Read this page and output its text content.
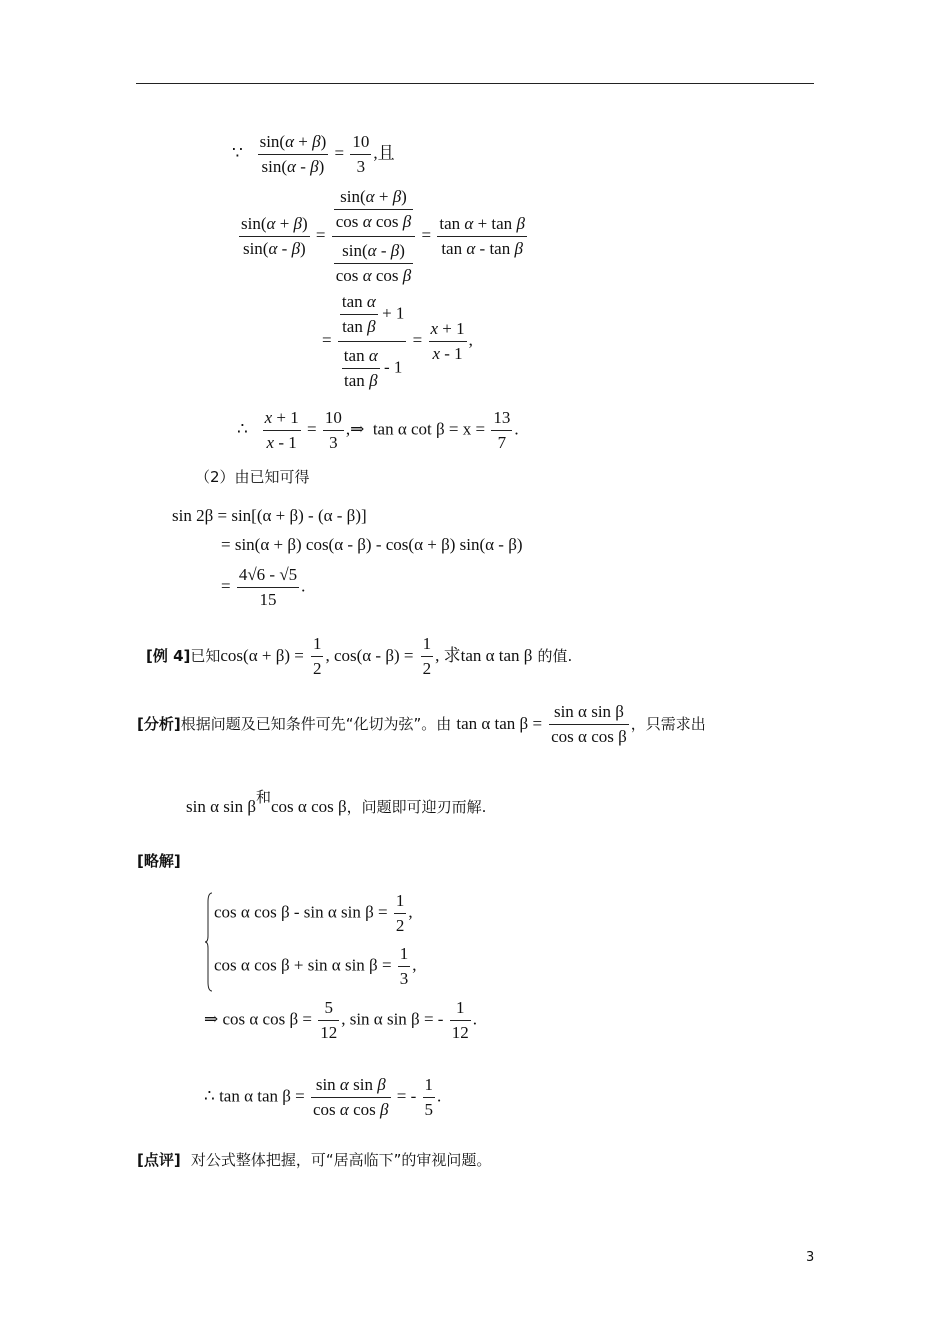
∵ $\frac{\sin(\alpha + \beta)}{\sin(\alpha - \beta)} = \frac{10}{3}$ ,且
$\frac{\sin(\alpha + \beta)}{\sin(\alpha - \beta)} = \frac{\frac{\sin(\alpha + \beta)}{\text{cos α cos β}}}{\frac{\sin(\alpha - \beta)}{\text{cos α cos β}}} = \frac{\text{tan α + tan β}}{\text{tan α - tan β}}$
= $\frac{\frac{\text{tan α}}{\text{tan β}} + 1}{\frac{\text{tan α}}{\text{tan β}} - 1} = \frac{x + 1}{x - 1}$ ,
∴ $\frac{x + 1}{x - 1} = \frac{10}{3}$ ,⇒ tan α $\cot \beta = x = \frac{13}{7}$ .
（2）由已知可得
sin 2β = sin[(α + β) - (α - β)]
= sin(α + β) cos(α - β) - cos(α + β) sin(α - β)
= $\frac{4√6 - √5}{15}$ .
[例 4]已知$\cos(\alpha + \beta) = \frac{1}{2}$ , $\cos(\alpha - \beta) = \frac{1}{2}$ , 求tan α tan β 的值.
[分析]根据问题及已知条件可先“化切为弦”。由 tan α $\tan \beta = \frac{\text{sin α sin β}}{\text{cos α cos β}}$ ，只需求出
sin α sin β和cos α cos β，问题即可迎刃而解.
[略解]
cos α cos β - sin α $\sin \beta = \frac{1}{2}$ ,
cos α cos β + sin α $\sin \beta = \frac{1}{3}$ ,
⇒ cos α $\cos \beta = \frac{5}{12}$ , sin α sin β = - $\frac{1}{12}$ .
∴ tan α $\tan \beta = \frac{\text{sin α sin β}}{\text{cos α cos β}}$ = - $\frac{1}{5}$ .
[点评] 对公式整体把握，可“居高临下”的审视问题。
3
